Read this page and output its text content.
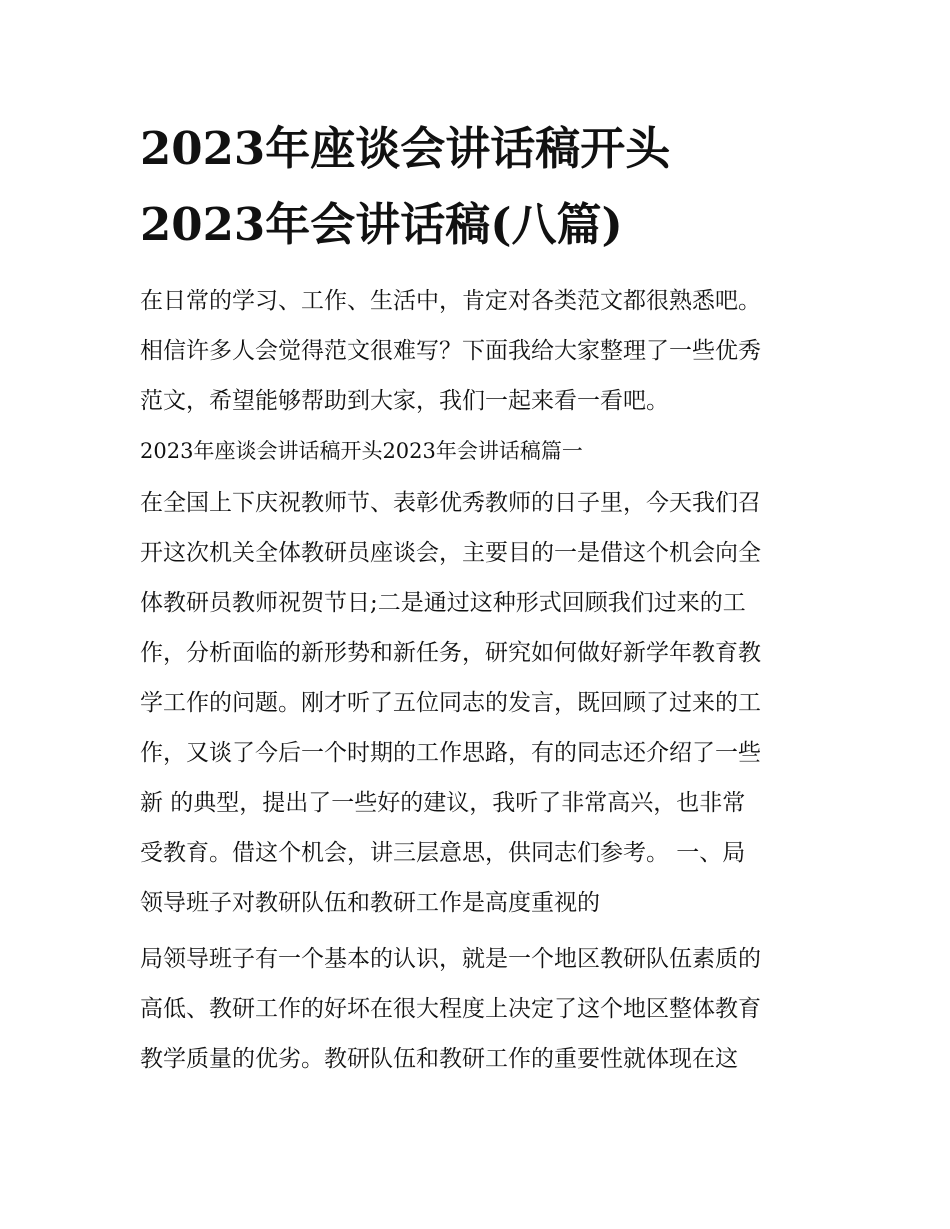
2023年座谈会讲话稿开头
2023年会讲话稿(八篇)
在日常的学习、工作、生活中，肯定对各类范文都很熟悉吧。
相信许多人会觉得范文很难写？下面我给大家整理了一些优秀
范文，希望能够帮助到大家，我们一起来看一看吧。
2023年座谈会讲话稿开头2023年会讲话稿篇一
在全国上下庆祝教师节、表彰优秀教师的日子里，今天我们召
开这次机关全体教研员座谈会，主要目的一是借这个机会向全
体教研员教师祝贺节日;二是通过这种形式回顾我们过来的工
作，分析面临的新形势和新任务，研究如何做好新学年教育教
学工作的问题。刚才听了五位同志的发言，既回顾了过来的工
作，又谈了今后一个时期的工作思路，有的同志还介绍了一些
新 的典型，提出了一些好的建议，我听了非常高兴，也非常
受教育。借这个机会，讲三层意思，供同志们参考。 一、局
领导班子对教研队伍和教研工作是高度重视的
局领导班子有一个基本的认识，就是一个地区教研队伍素质的
高低、教研工作的好坏在很大程度上决定了这个地区整体教育
教学质量的优劣。教研队伍和教研工作的重要性就体现在这
